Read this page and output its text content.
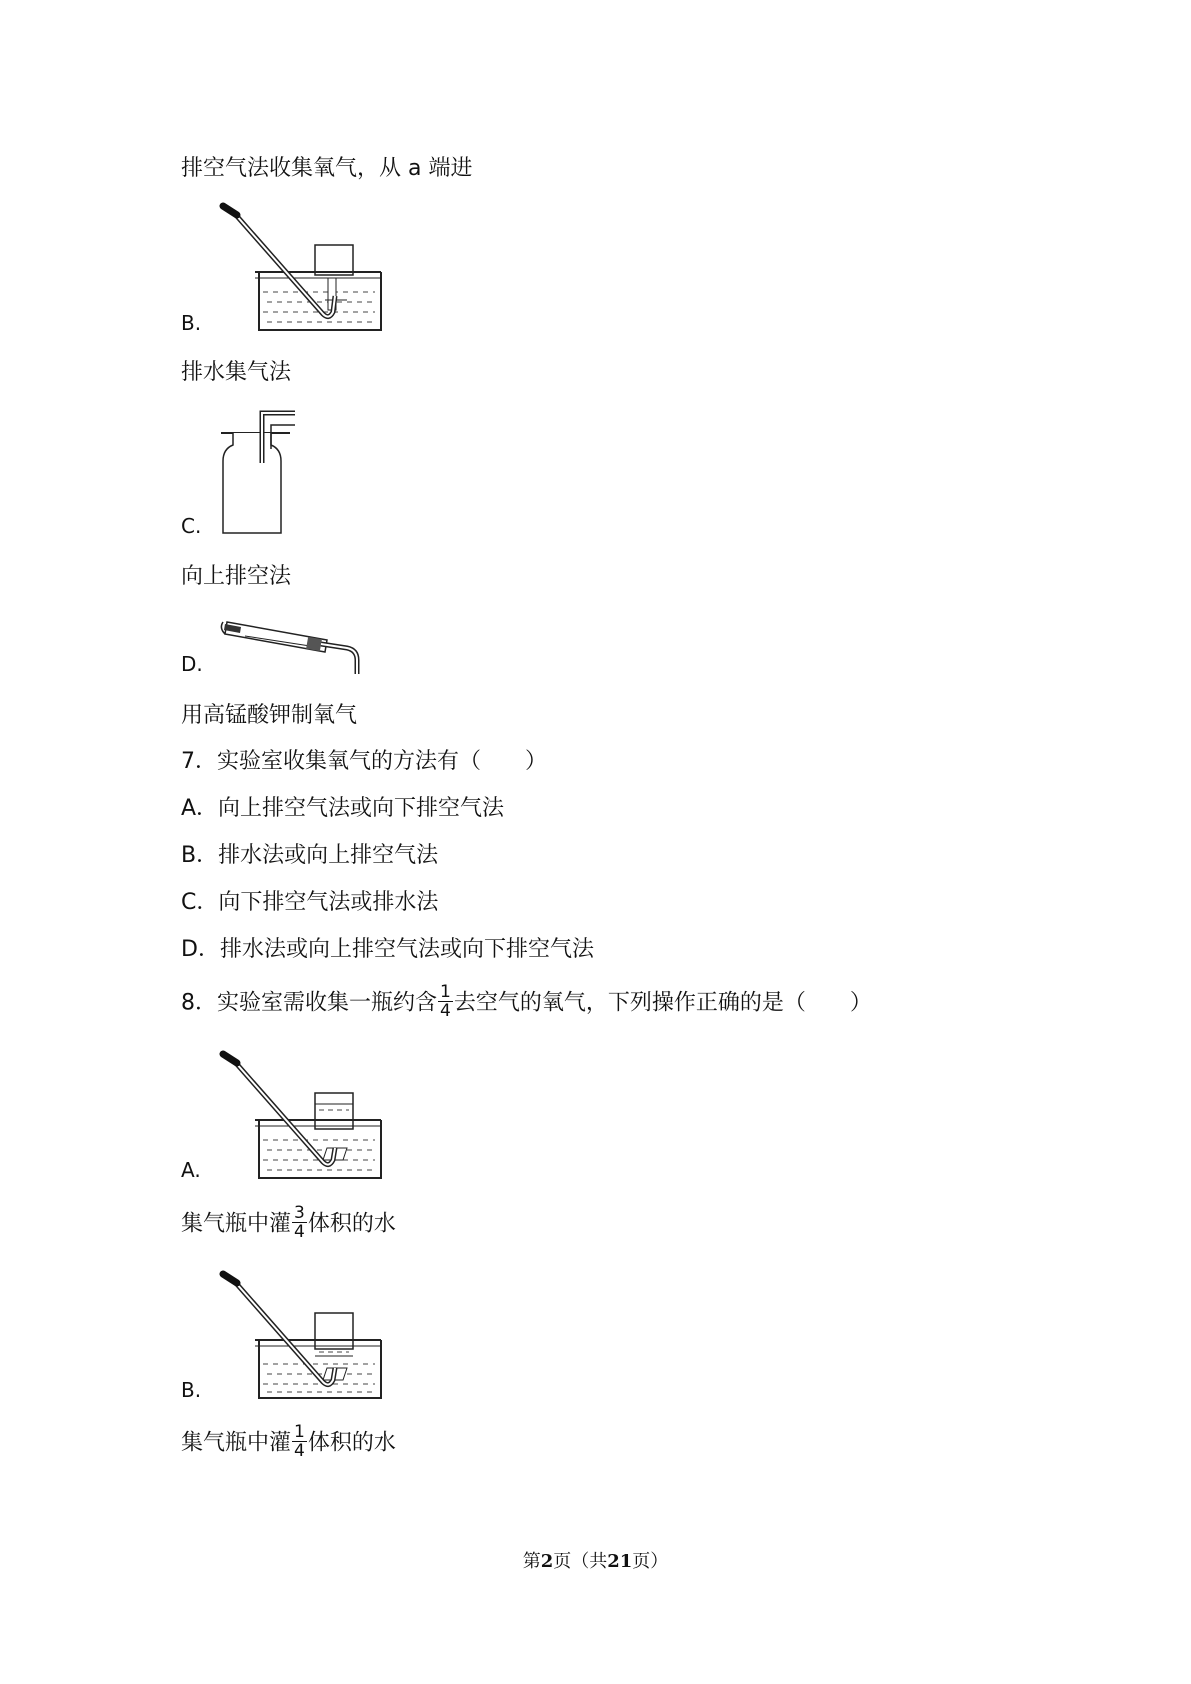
排空气法收集氧气，从 a 端进
B.
排水集气法
C.
向上排空法
D.
用高锰酸钾制氧气
7．实验室收集氧气的方法有（　　）
A．向上排空气法或向下排空气法
B．排水法或向上排空气法
C．向下排空气法或排水法
D．排水法或向上排空气法或向下排空气法
8．实验室需收集一瓶约含 $\frac{1}{4}$ 去空气的氧气，下列操作正确的是（　　）
A.
集气瓶中灌 $\frac{3}{4}$ 体积的水
B.
集气瓶中灌 $\frac{1}{4}$ 体积的水
第2页（共21页）
